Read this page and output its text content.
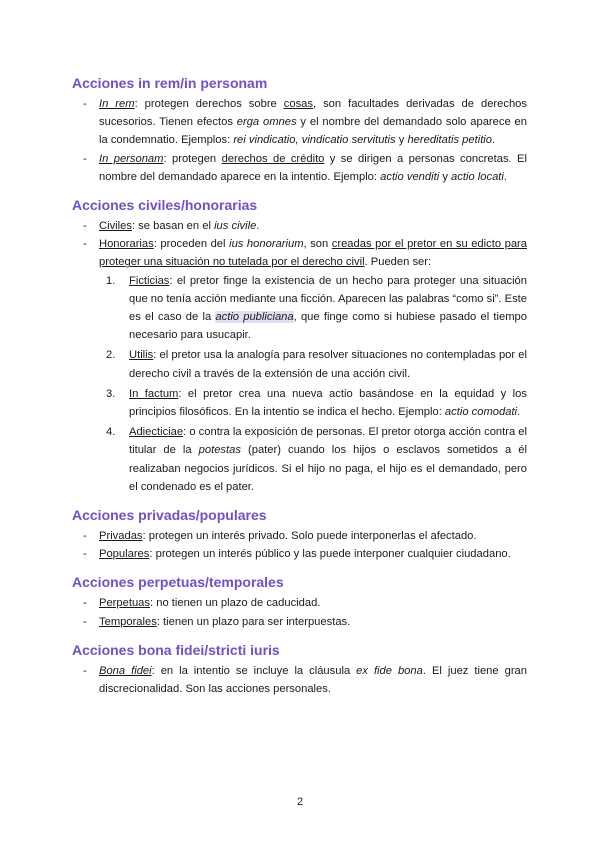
Acciones in rem/in personam
- In rem: protegen derechos sobre cosas, son facultades derivadas de derechos sucesorios. Tienen efectos erga omnes y el nombre del demandado solo aparece en la condemnatio. Ejemplos: rei vindicatio, vindicatio servitutis y hereditatis petitio.
- In personam: protegen derechos de crédito y se dirigen a personas concretas. El nombre del demandado aparece en la intentio. Ejemplo: actio venditi y actio locati.
Acciones civiles/honorarias
- Civiles: se basan en el ius civile.
- Honorarias: proceden del ius honorarium, son creadas por el pretor en su edicto para proteger una situación no tutelada por el derecho civil. Pueden ser:
1. Ficticias: el pretor finge la existencia de un hecho para proteger una situación que no tenía acción mediante una ficción. Aparecen las palabras “como si”. Este es el caso de la actio publiciana, que finge como si hubiese pasado el tiempo necesario para usucapir.
2. Utilis: el pretor usa la analogía para resolver situaciones no contempladas por el derecho civil a través de la extensión de una acción civil.
3. In factum: el pretor crea una nueva actio basándose en la equidad y los principios filosóficos. En la intentio se indica el hecho. Ejemplo: actio comodati.
4. Adiecticiae: o contra la exposición de personas. El pretor otorga acción contra el titular de la potestas (pater) cuando los hijos o esclavos sometidos a él realizaban negocios jurídicos. Si el hijo no paga, el hijo es el demandado, pero el condenado es el pater.
Acciones privadas/populares
- Privadas: protegen un interés privado. Solo puede interponerlas el afectado.
- Populares: protegen un interés público y las puede interponer cualquier ciudadano.
Acciones perpetuas/temporales
- Perpetuas: no tienen un plazo de caducidad.
- Temporales: tienen un plazo para ser interpuestas.
Acciones bona fidei/stricti iuris
- Bona fidei: en la intentio se incluye la cláusula ex fide bona. El juez tiene gran discrecionalidad. Son las acciones personales.
2
